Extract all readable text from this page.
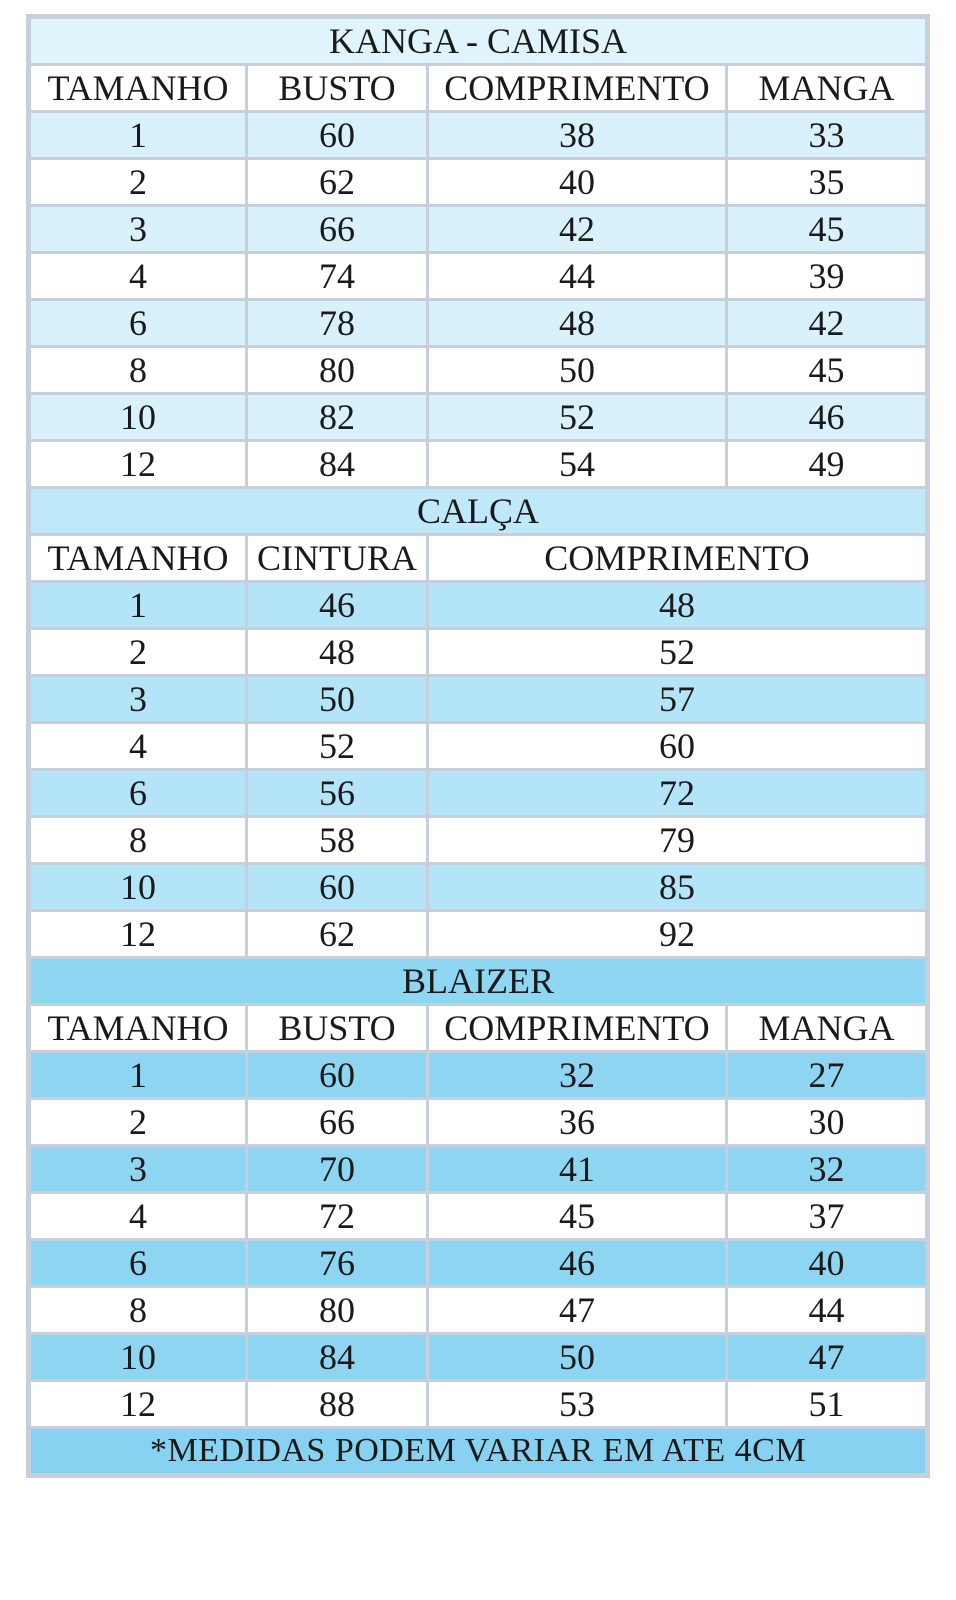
KANGA - CAMISA			
TAMANHO	BUSTO	COMPRIMENTO	MANGA
1	60	38	33
2	62	40	35
3	66	42	45
4	74	44	39
6	78	48	42
8	80	50	45
10	82	52	46
12	84	54	49
CALÇA			
TAMANHO	CINTURA	COMPRIMENTO	
1	46	48	
2	48	52	
3	50	57	
4	52	60	
6	56	72	
8	58	79	
10	60	85	
12	62	92	
BLAIZER			
TAMANHO	BUSTO	COMPRIMENTO	MANGA
1	60	32	27
2	66	36	30
3	70	41	32
4	72	45	37
6	76	46	40
8	80	47	44
10	84	50	47
12	88	53	51
*MEDIDAS PODEM VARIAR EM ATE 4CM			
